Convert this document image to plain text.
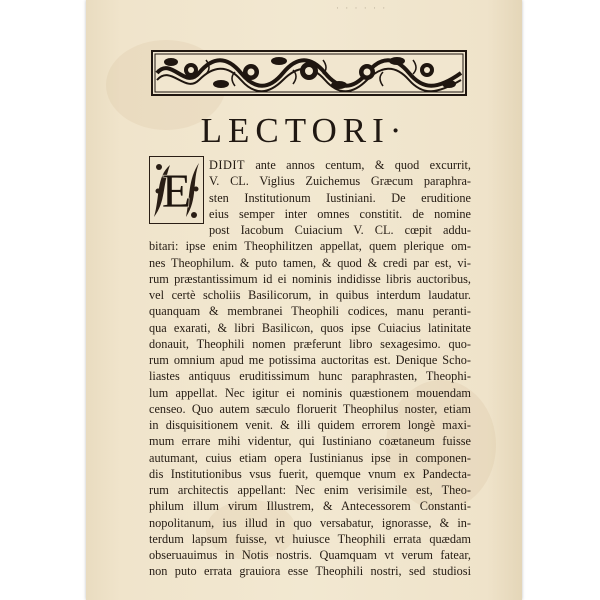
· · · · · ·
LECTORI·
E DIDIT ante annos centum, & quod excurrit,
V. CL. Viglius Zuichemus Græcum paraphra-
sten Institutionum Iustiniani. De eruditione
eius semper inter omnes constitit. de nomine
post Iacobum Cuiacium V. CL. cœpit addu-
bitari: ipse enim Theophilitzen appellat, quem plerique om-
nes Theophilum. & puto tamen, & quod & credi par est, vi-
rum præstantissimum id ei nominis indidisse libris auctoribus,
vel certè scholiis Basilicorum, in quibus interdum laudatur.
quanquam & membranei Theophili codices, manu peranti-
qua exarati, & libri Basilicωn, quos ipse Cuiacius latinitate
donauit, Theophili nomen præferunt libro sexagesimo. quo-
rum omnium apud me potissima auctoritas est. Denique Scho-
liastes antiquus eruditissimum hunc paraphrasten, Theophi-
lum appellat. Nec igitur ei nominis quæstionem mouendam
censeo. Quo autem sæculo floruerit Theophilus noster, etiam
in disquisitionem venit. & illi quidem errorem longè maxi-
mum errare mihi videntur, qui Iustiniano coætaneum fuisse
autumant, cuius etiam opera Iustinianus ipse in componen-
dis Institutionibus vsus fuerit, quemque vnum ex Pandecta-
rum architectis appellant: Nec enim verisimile est, Theo-
philum illum virum Illustrem, & Antecessorem Constanti-
nopolitanum, ius illud in quo versabatur, ignorasse, & in-
terdum lapsum fuisse, vt huiusce Theophili errata quædam
obseruauimus in Notis nostris. Quamquam vt verum fatear,
non puto errata grauiora esse Theophili nostri, sed studiosi
